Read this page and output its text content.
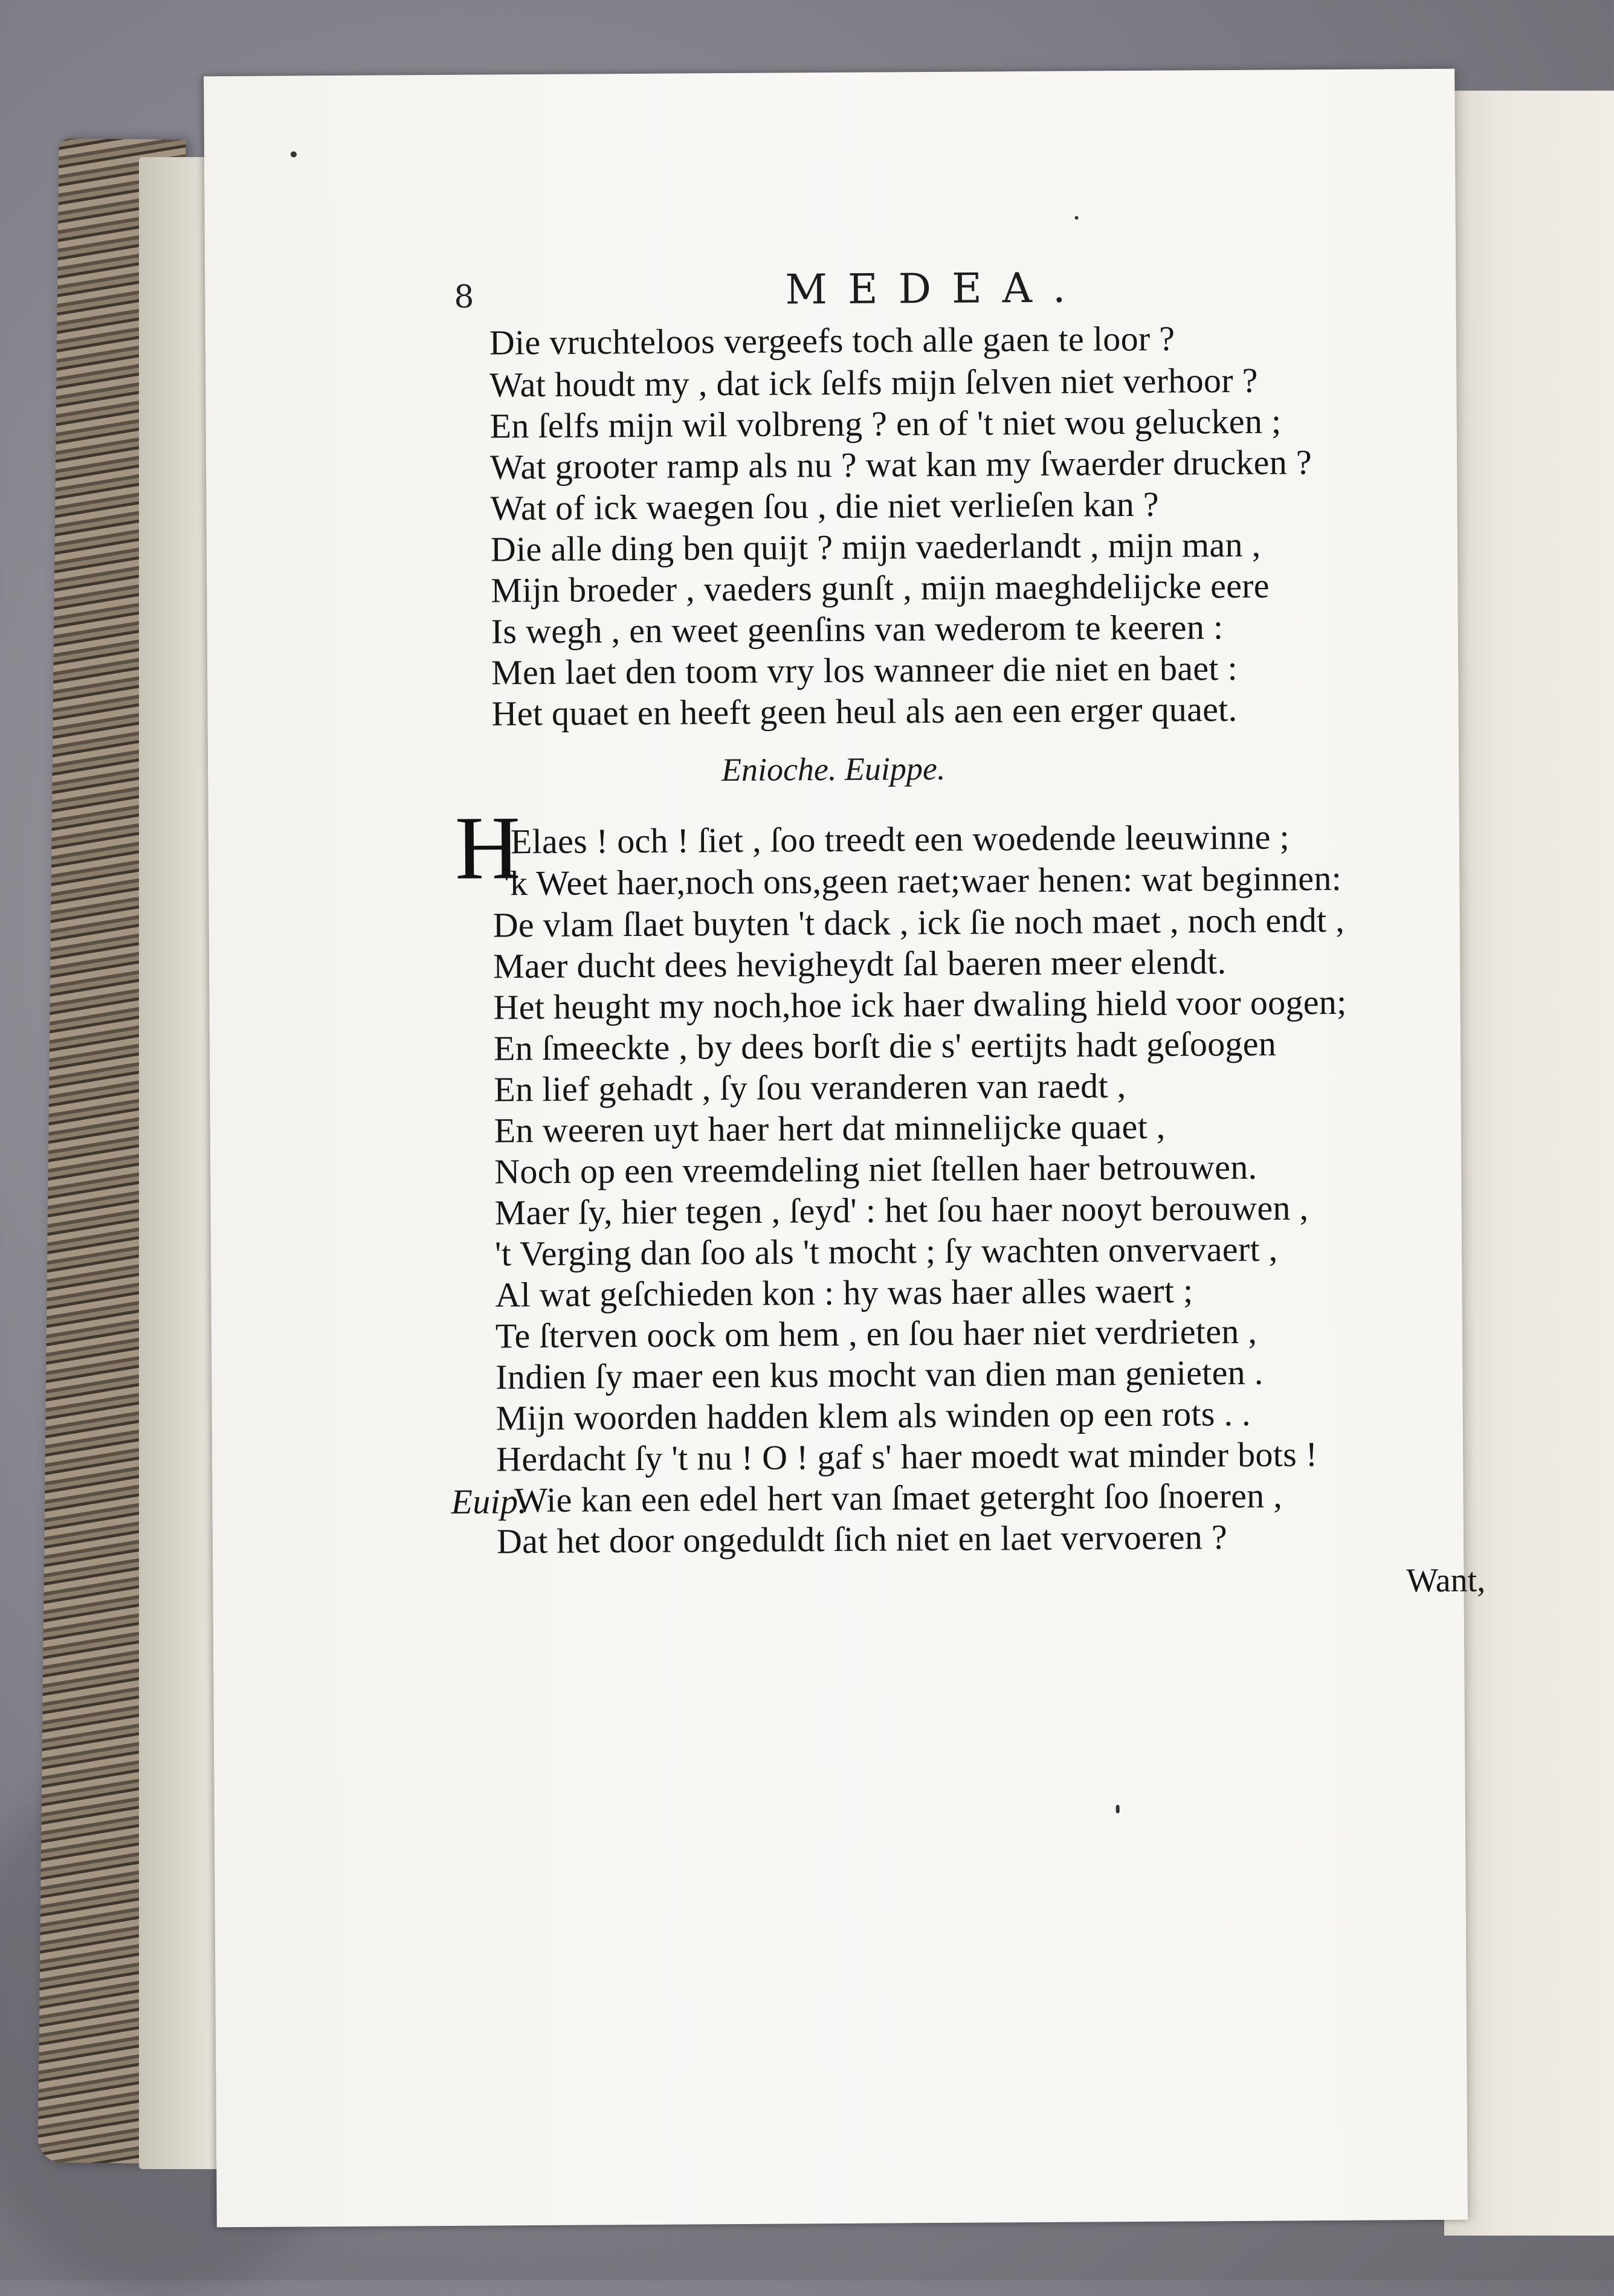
8	MEDEA.
Die vruchteloos vergeefs toch alle gaen te loor ?
Wat houdt my , dat ick ſelfs mijn ſelven niet verhoor ?
En ſelfs mijn wil volbreng ? en of 't niet wou gelucken ;
Wat grooter ramp als nu ? wat kan my ſwaerder drucken ?
Wat of ick waegen ſou , die niet verlieſen kan ?
Die alle ding ben quijt ? mijn vaederlandt , mijn man ,
Mijn broeder , vaeders gunſt , mijn maeghdelijcke eere
Is wegh , en weet geenſins van wederom te keeren :
Men laet den toom vry los wanneer die niet en baet :
Het quaet en heeft geen heul als aen een erger quaet.
Enioche. Euippe.
H
Elaes ! och ! ſiet , ſoo treedt een woedende leeuwinne ;
'k Weet haer,noch ons,geen raet;waer henen: wat beginnen:
De vlam ſlaet buyten 't dack , ick ſie noch maet , noch endt ,
Maer ducht dees hevigheydt ſal baeren meer elendt.
Het heught my noch,hoe ick haer dwaling hield voor oogen;
En ſmeeckte , by dees borſt die s' eertijts hadt geſoogen
En lief gehadt , ſy ſou veranderen van raedt ,
En weeren uyt haer hert dat minnelijcke quaet ,
Noch op een vreemdeling niet ſtellen haer betrouwen.
Maer ſy, hier tegen , ſeyd' : het ſou haer nooyt berouwen ,
't Verging dan ſoo als 't mocht ; ſy wachten onvervaert ,
Al wat geſchieden kon : hy was haer alles waert ;
Te ſterven oock om hem , en ſou haer niet verdrieten ,
Indien ſy maer een kus mocht van dien man genieten .
Mijn woorden hadden klem als winden op een rots . .
Herdacht ſy 't nu ! O ! gaf s' haer moedt wat minder bots !
Euip.
Wie kan een edel hert van ſmaet geterght ſoo ſnoeren ,
Dat het door ongeduldt ſich niet en laet vervoeren ?
Want,
